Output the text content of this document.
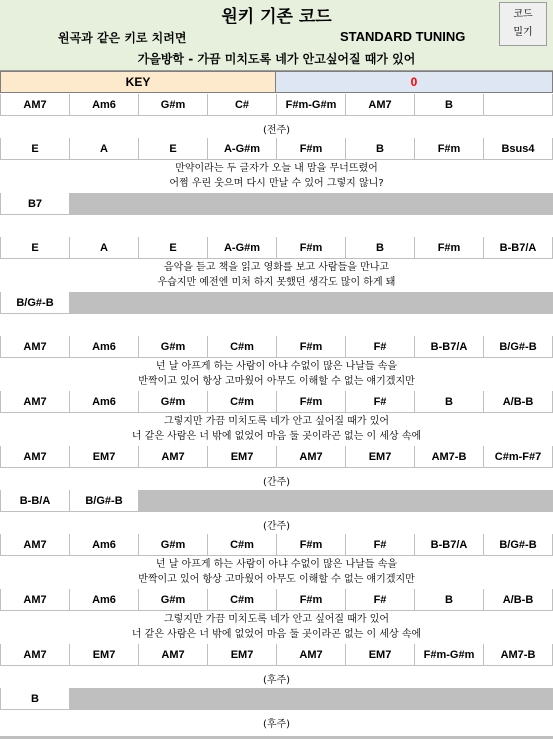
원키 기존 코드
원곡과 같은 키로 치려면	STANDARD TUNING
코드
밀기
가을방학 - 가끔 미치도록 네가 안고싶어질 때가 있어
KEY	0
AM7	Am6	G#m	C#	F#m-G#m	AM7	B
(전주)
E	A	E	A-G#m	F#m	B	F#m	Bsus4
만약이라는 두 글자가 오늘 내 맘을 무너뜨렸어
어쩜 우린 웃으며 다시 만날 수 있어 그렇지 않니?
B7
E	A	E	A-G#m	F#m	B	F#m	B-B7/A
음악을 듣고 책을 읽고 영화를 보고 사람들을 만나고
우습지만 예전엔 미처 하지 못했던 생각도 많이 하게 돼
B/G#-B
AM7	Am6	G#m	C#m	F#m	F#	B-B7/A	B/G#-B
넌 날 아프게 하는 사람이 아냐 수없이 많은 나날들 속을
반짝이고 있어 항상 고마웠어 아무도 이해할 수 없는 얘기겠지만
AM7	Am6	G#m	C#m	F#m	F#	B	A/B-B
그렇지만 가끔 미치도록 네가 안고 싶어질 때가 있어
너 같은 사람은 너 밖에 없었어 마음 둘 곳이라곤 없는 이 세상 속에
AM7	EM7	AM7	EM7	AM7	EM7	AM7-B	C#m-F#7
(간주)
B-B/A	B/G#-B
(간주)
AM7	Am6	G#m	C#m	F#m	F#	B-B7/A	B/G#-B
넌 날 아프게 하는 사람이 아냐 수없이 많은 나날들 속을
반짝이고 있어 항상 고마웠어 아무도 이해할 수 없는 얘기겠지만
AM7	Am6	G#m	C#m	F#m	F#	B	A/B-B
그렇지만 가끔 미치도록 네가 안고 싶어질 때가 있어
너 같은 사람은 너 밖에 없었어 마음 둘 곳이라곤 없는 이 세상 속에
AM7	EM7	AM7	EM7	AM7	EM7	F#m-G#m	AM7-B
(후주)
B
(후주)
